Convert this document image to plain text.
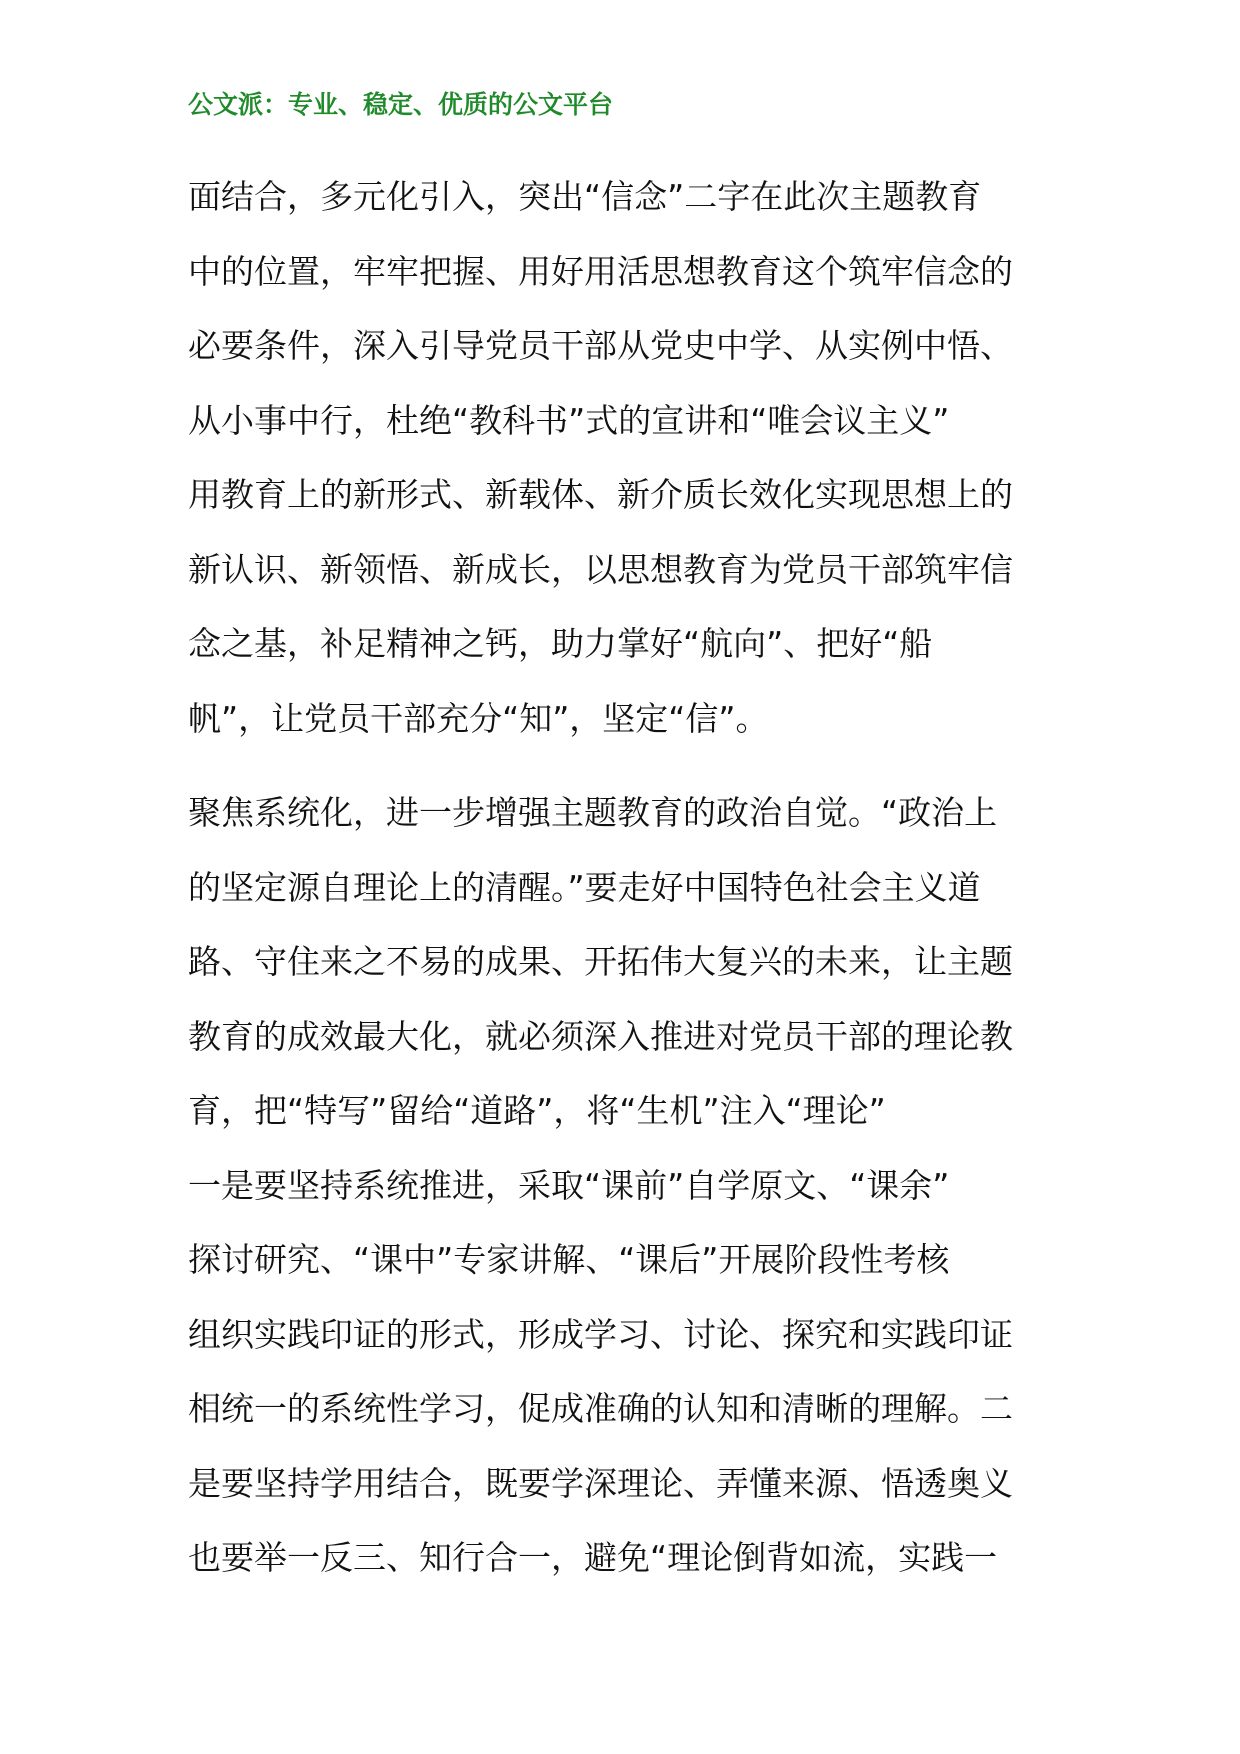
公文派：专业、稳定、优质的公文平台
面结合，多元化引入，突出“信念”二字在此次主题教育
中的位置，牢牢把握、用好用活思想教育这个筑牢信念的
必要条件，深入引导党员干部从党史中学、从实例中悟、
从小事中行，杜绝“教科书”式的宣讲和“唯会议主义”
用教育上的新形式、新载体、新介质长效化实现思想上的
新认识、新领悟、新成长，以思想教育为党员干部筑牢信
念之基，补足精神之钙，助力掌好“航向”、把好“船
帆”，让党员干部充分“知”，坚定“信”。
聚焦系统化，进一步增强主题教育的政治自觉。“政治上
的坚定源自理论上的清醒。”要走好中国特色社会主义道
路、守住来之不易的成果、开拓伟大复兴的未来，让主题
教育的成效最大化，就必须深入推进对党员干部的理论教
育，把“特写”留给“道路”，将“生机”注入“理论”
一是要坚持系统推进，采取“课前”自学原文、“课余”
探讨研究、“课中”专家讲解、“课后”开展阶段性考核
组织实践印证的形式，形成学习、讨论、探究和实践印证
相统一的系统性学习，促成准确的认知和清晰的理解。二
是要坚持学用结合，既要学深理论、弄懂来源、悟透奥义
也要举一反三、知行合一，避免“理论倒背如流，实践一
